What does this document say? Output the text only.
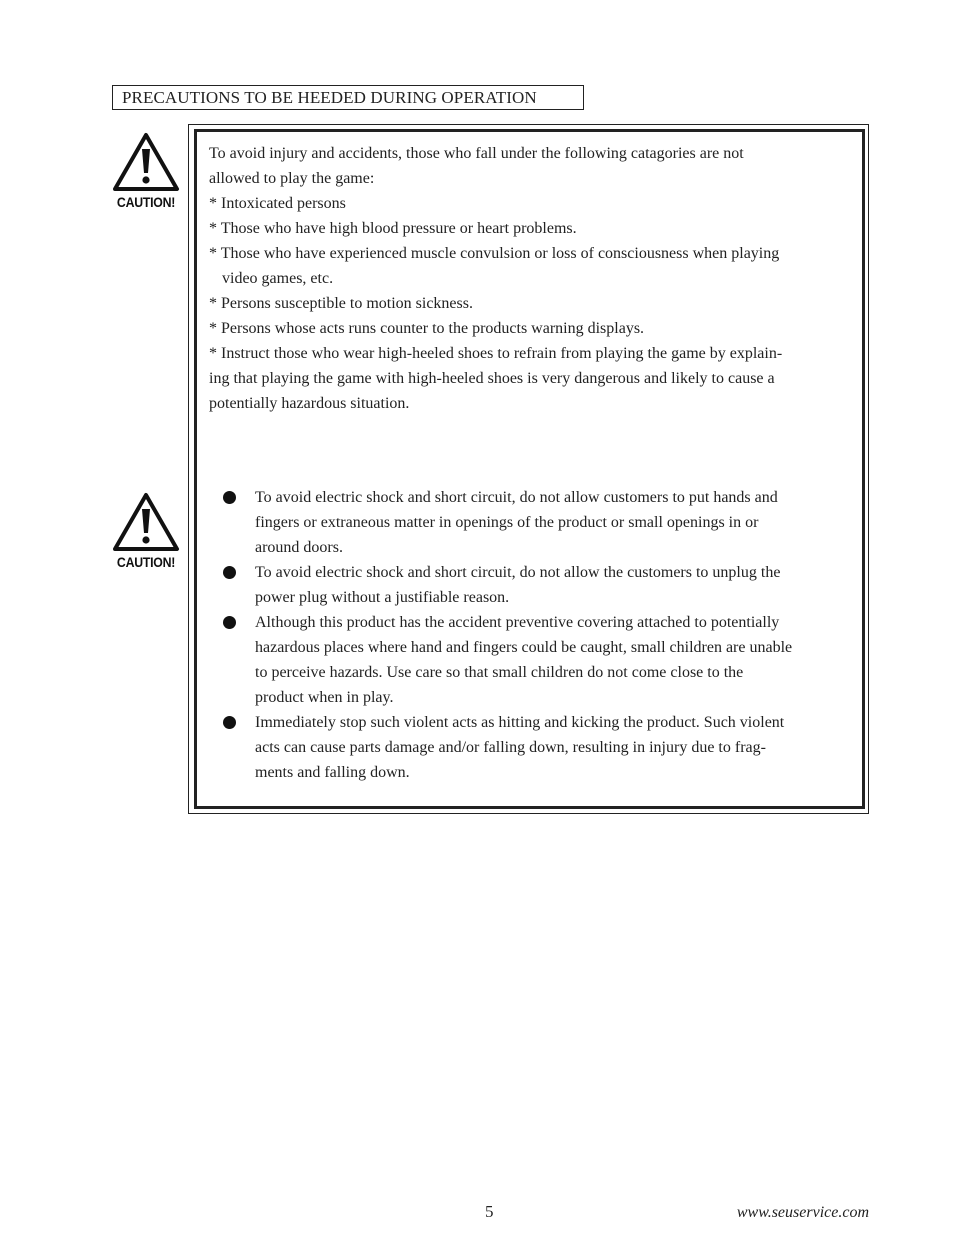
PRECAUTIONS TO BE HEEDED DURING OPERATION
CAUTION!
CAUTION!
To avoid injury and accidents, those who fall under the following catagories are not
allowed to play the game:
* Intoxicated persons
* Those who have high blood pressure or heart problems.
* Those who have experienced muscle convulsion or loss of consciousness when playing
video games, etc.
* Persons susceptible to motion sickness.
* Persons whose acts runs counter to the products warning displays.
* Instruct those who wear high-heeled shoes to refrain from playing the game by explain-
ing that playing the game with high-heeled shoes is very dangerous and likely to cause a
potentially hazardous situation.
To avoid electric shock and short circuit, do not allow customers to put hands and
fingers or extraneous matter in openings of the product or small openings in or
around doors.
To avoid electric shock and short circuit, do not allow the customers to unplug the
power plug without a justifiable reason.
Although this product has the accident preventive covering attached to potentially
hazardous places where hand and fingers could be caught, small children are unable
to perceive hazards. Use care so that small children do not come close to the
product when in play.
Immediately stop such violent acts as hitting and kicking the product. Such violent
acts can cause parts damage and/or falling down, resulting in injury due to frag-
ments and falling down.
5	www.seuservice.com
